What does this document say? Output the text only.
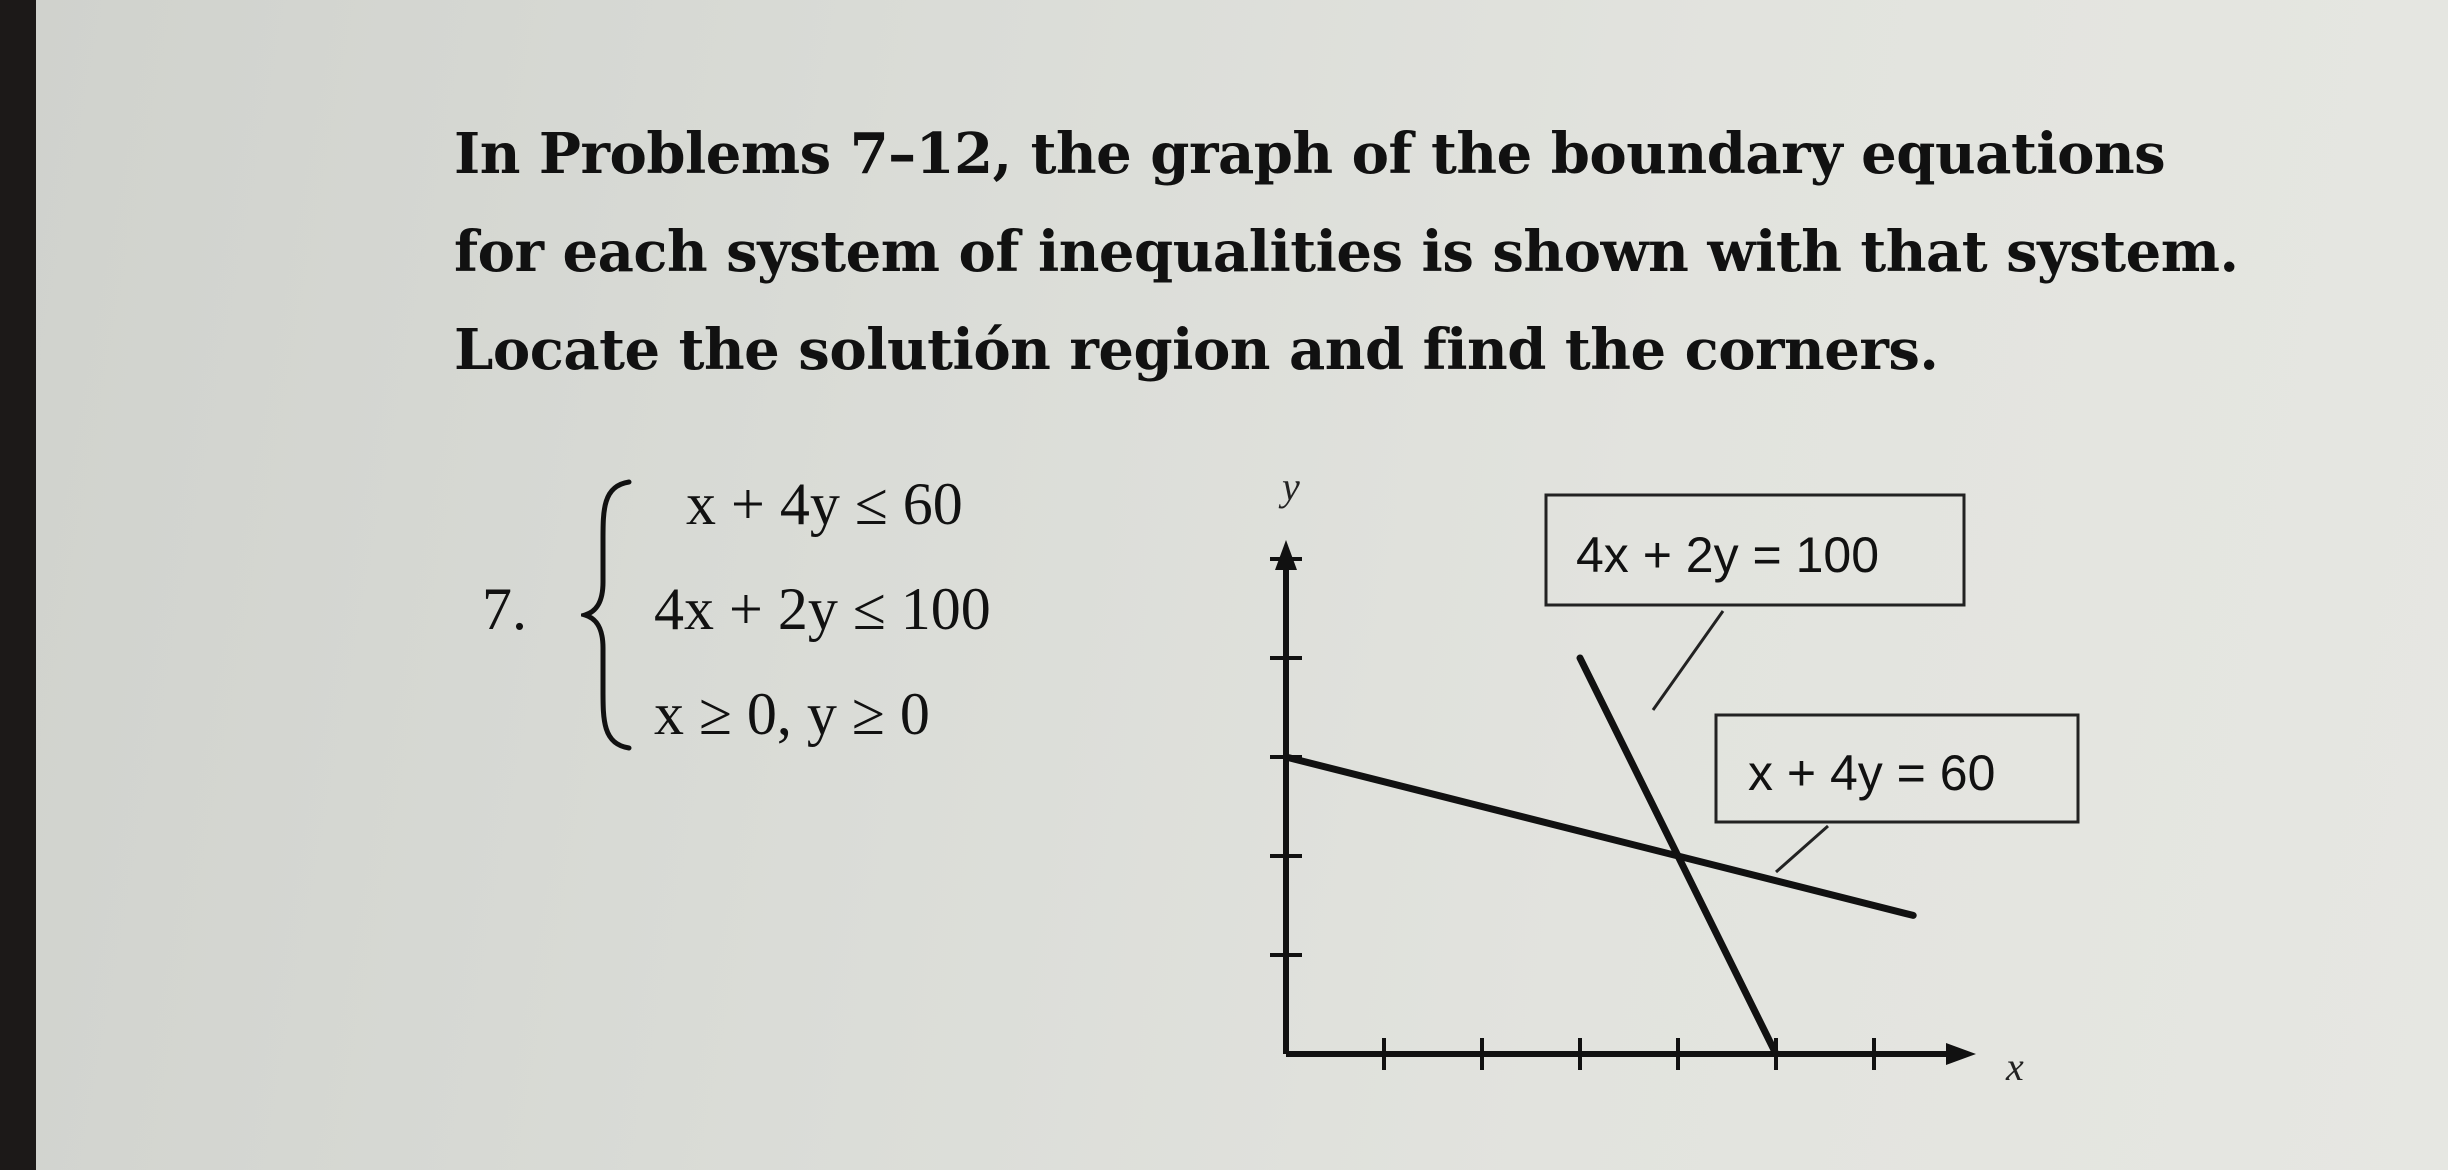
In Problems 7–12, the graph of the boundary equations
for each system of inequalities is shown with that system.
Locate the solutión region and find the corners.
7.
x + 4y ≤ 60
4x + 2y ≤ 100
x ≥ 0, y ≥ 0
y
x
4x + 2y = 100
x + 4y = 60
